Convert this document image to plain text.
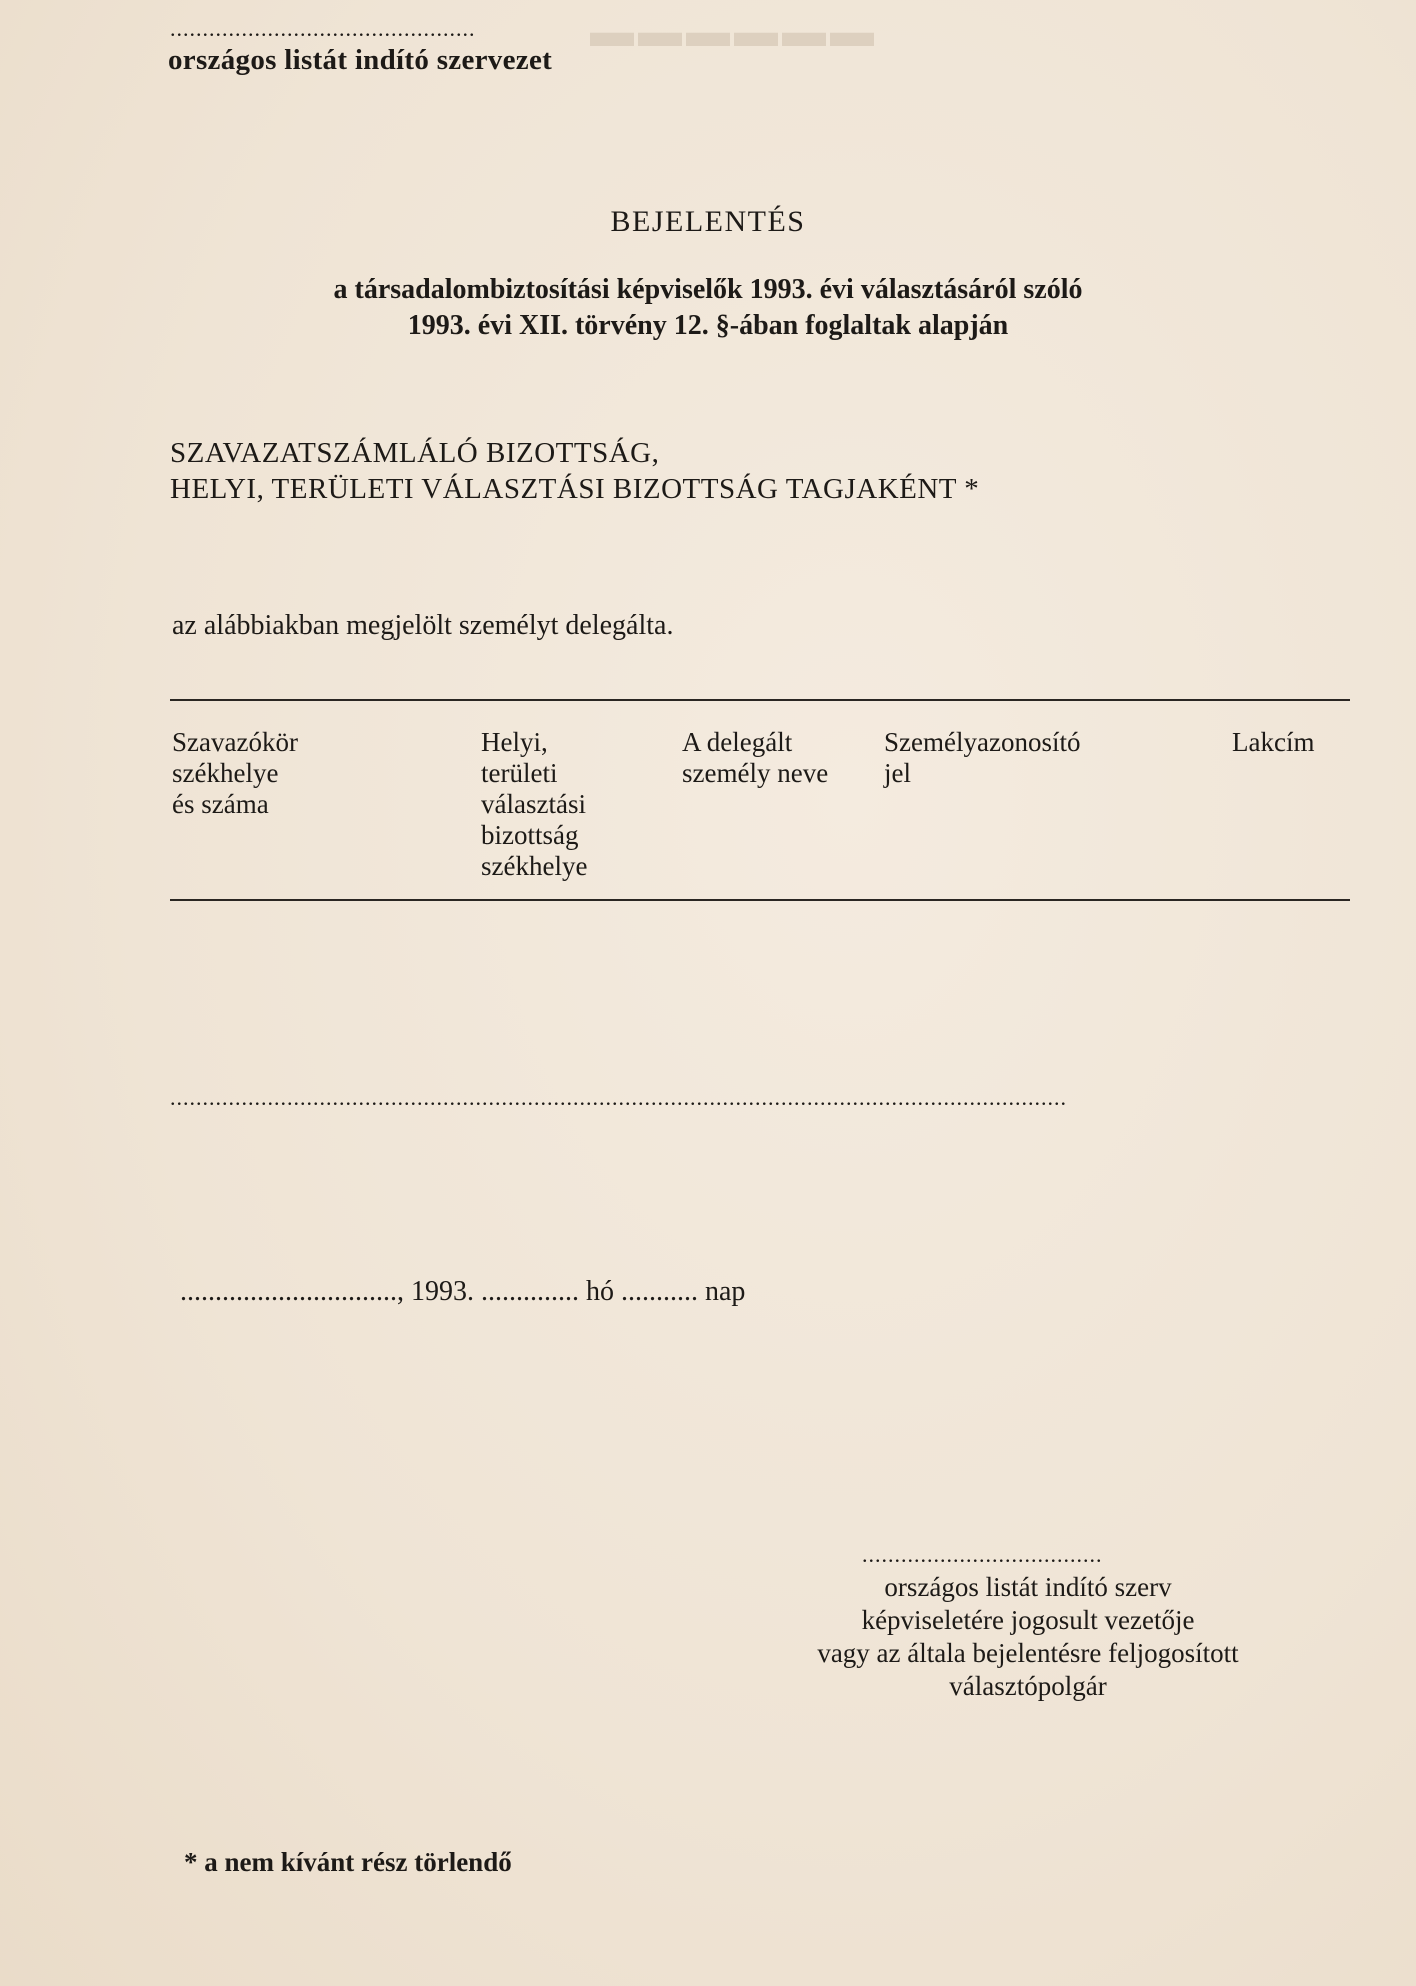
▬▬▬▬▬▬
...............................................
országos listát indító szervezet
BEJELENTÉS
a társadalombiztosítási képviselők 1993. évi választásáról szóló
1993. évi XII. törvény 12. §-ában foglaltak alapján
SZAVAZATSZÁMLÁLÓ BIZOTTSÁG,
HELYI, TERÜLETI VÁLASZTÁSI BIZOTTSÁG TAGJAKÉNT *
az alábbiakban megjelölt személyt delegálta.
Szavazókör
székhelye
és száma
Helyi,
területi
választási
bizottság
székhelye
A delegált
személy neve
Személyazonosító
jel
Lakcím
..........................................................................................................................................
..............................., 1993. .............. hó ........... nap
.....................................
országos listát indító szerv
képviseletére jogosult vezetője
vagy az általa bejelentésre feljogosított
választópolgár
* a nem kívánt rész törlendő
